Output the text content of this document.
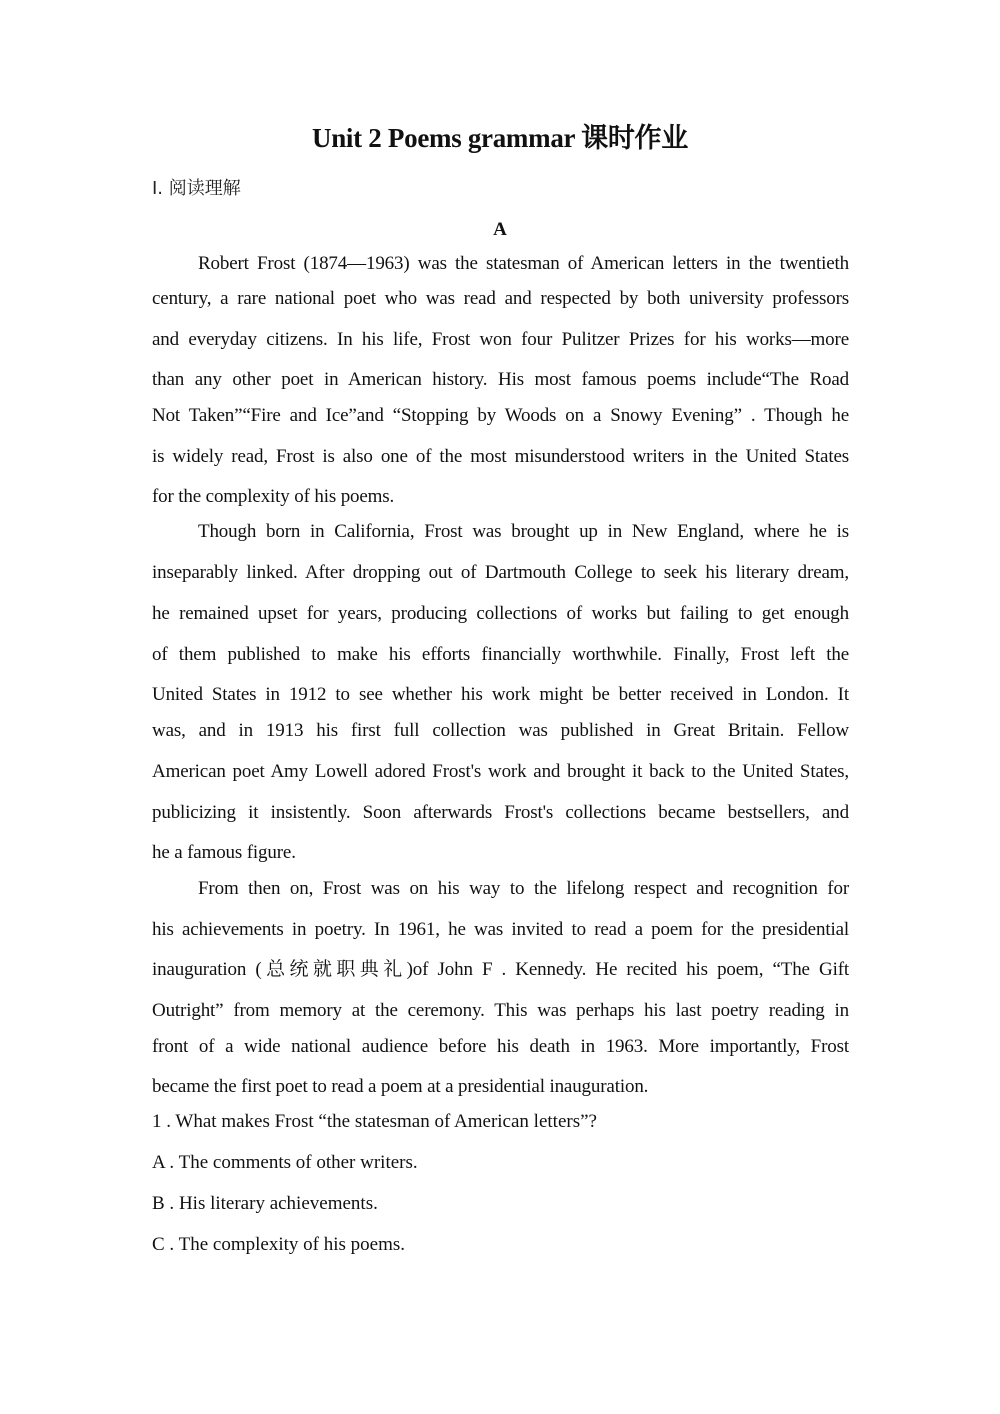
Unit 2 Poems grammar 课时作业
Ⅰ. 阅读理解
A
Robert Frost (1874—1963) was the statesman of American letters in the twentieth
century, a rare national poet who was read and respected by both university professors
and everyday citizens. In his life, Frost won four Pulitzer Prizes for his works—more
than any other poet in American history. His most famous poems include“The Road
Not Taken”“Fire and Ice”and “Stopping by Woods on a Snowy Evening” . Though he
is widely read, Frost is also one of the most misunderstood writers in the United States
for the complexity of his poems.
Though born in California, Frost was brought up in New England, where he is
inseparably linked. After dropping out of Dartmouth College to seek his literary dream,
he remained upset for years, producing collections of works but failing to get enough
of them published to make his efforts financially worthwhile. Finally, Frost left the
United States in 1912 to see whether his work might be better received in London. It
was, and in 1913 his first full collection was published in Great Britain. Fellow
American poet Amy Lowell adored Frost's work and brought it back to the United States,
publicizing it insistently. Soon afterwards Frost's collections became bestsellers, and
he a famous figure.
From then on, Frost was on his way to the lifelong respect and recognition for
his achievements in poetry. In 1961, he was invited to read a poem for the presidential
inauguration (总统就职典礼)of John F . Kennedy. He recited his poem, “The Gift
Outright” from memory at the ceremony. This was perhaps his last poetry reading in
front of a wide national audience before his death in 1963. More importantly, Frost
became the first poet to read a poem at a presidential inauguration.
1 . What makes Frost “the statesman of American letters”?
A . The comments of other writers.
B . His literary achievements.
C . The complexity of his poems.
